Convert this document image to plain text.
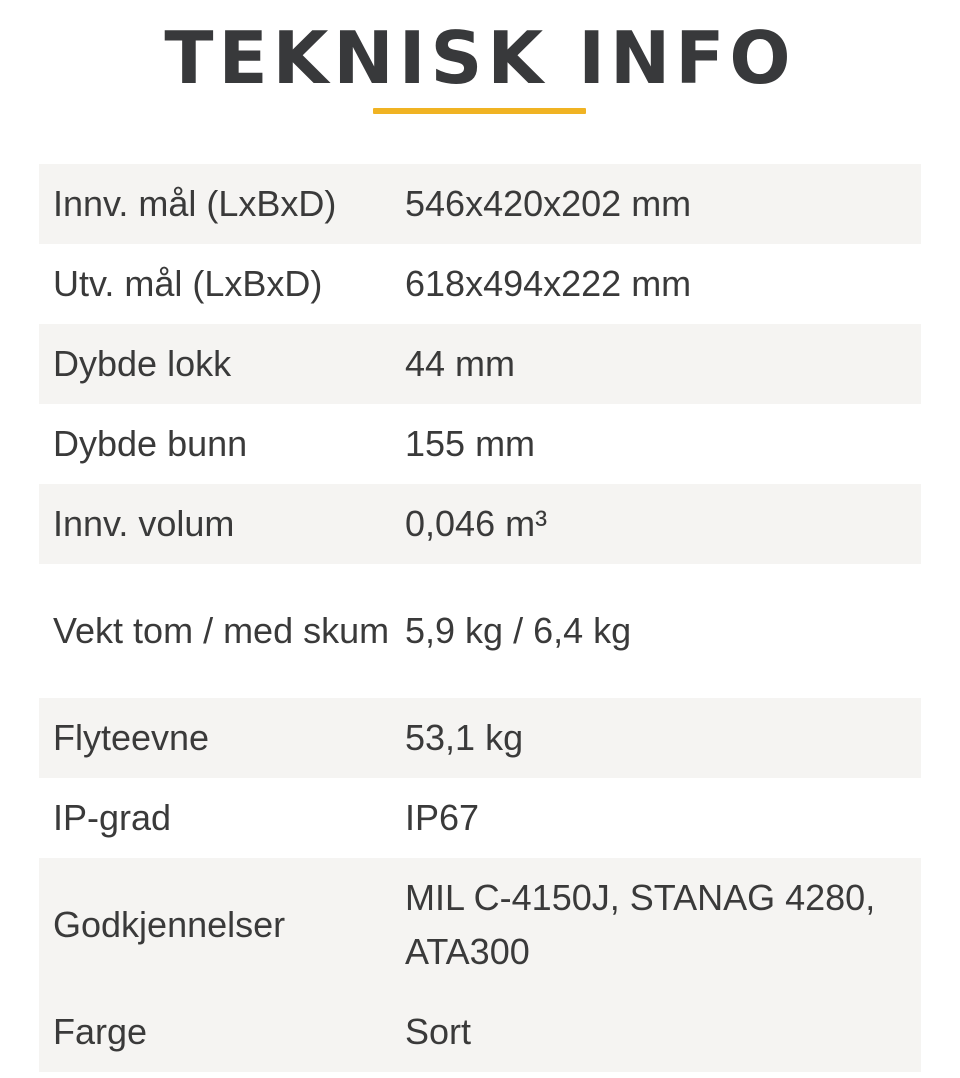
TEKNISK INFO
Innv. mål (LxBxD)	546x420x202 mm
Utv. mål (LxBxD)	618x494x222 mm
Dybde lokk	44 mm
Dybde bunn	155 mm
Innv. volum	0,046 m³
Vekt tom / med skum	5,9 kg / 6,4 kg
Flyteevne	53,1 kg
IP-grad	IP67
Godkjennelser	MIL C-4150J, STANAG 4280, ATA300
Farge	Sort
